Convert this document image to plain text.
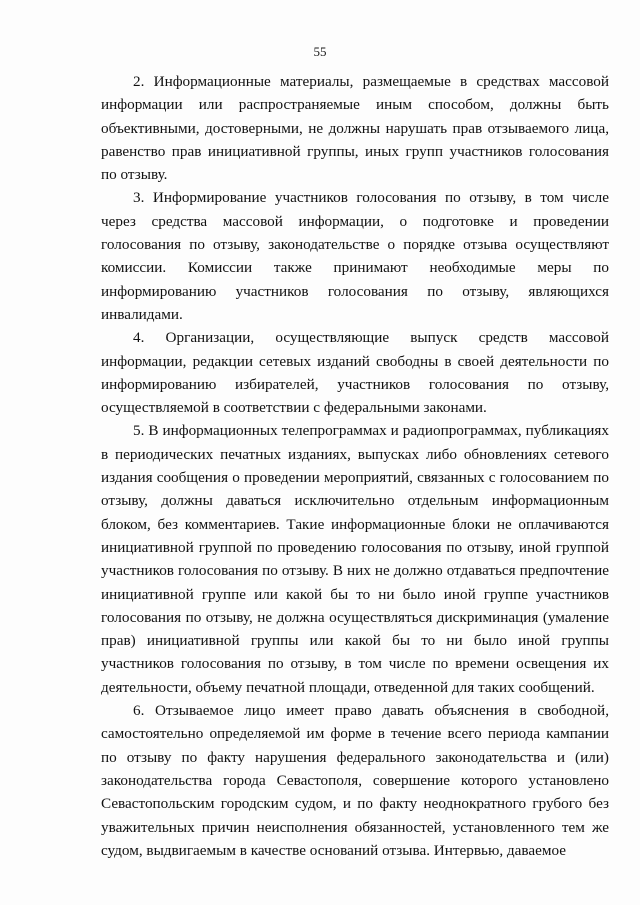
55

2. Информационные материалы, размещаемые в средствах массовой информации или распространяемые иным способом, должны быть объективными, достоверными, не должны нарушать прав отзываемого лица, равенство прав инициативной группы, иных групп участников голосования по отзыву.

3. Информирование участников голосования по отзыву, в том числе через средства массовой информации, о подготовке и проведении голосования по отзыву, законодательстве о порядке отзыва осуществляют комиссии. Комиссии также принимают необходимые меры по информированию участников голосования по отзыву, являющихся инвалидами.

4. Организации, осуществляющие выпуск средств массовой информации, редакции сетевых изданий свободны в своей деятельности по информированию избирателей, участников голосования по отзыву, осуществляемой в соответствии с федеральными законами.

5. В информационных телепрограммах и радиопрограммах, публикациях в периодических печатных изданиях, выпусках либо обновлениях сетевого издания сообщения о проведении мероприятий, связанных с голосованием по отзыву, должны даваться исключительно отдельным информационным блоком, без комментариев. Такие информационные блоки не оплачиваются инициативной группой по проведению голосования по отзыву, иной группой участников голосования по отзыву. В них не должно отдаваться предпочтение инициативной группе или какой бы то ни было иной группе участников голосования по отзыву, не должна осуществляться дискриминация (умаление прав) инициативной группы или какой бы то ни было иной группы участников голосования по отзыву, в том числе по времени освещения их деятельности, объему печатной площади, отведенной для таких сообщений.

6. Отзываемое лицо имеет право давать объяснения в свободной, самостоятельно определяемой им форме в течение всего периода кампании по отзыву по факту нарушения федерального законодательства и (или) законодательства города Севастополя, совершение которого установлено Севастопольским городским судом, и по факту неоднократного грубого без уважительных причин неисполнения обязанностей, установленного тем же судом, выдвигаемым в качестве оснований отзыва. Интервью, даваемое
